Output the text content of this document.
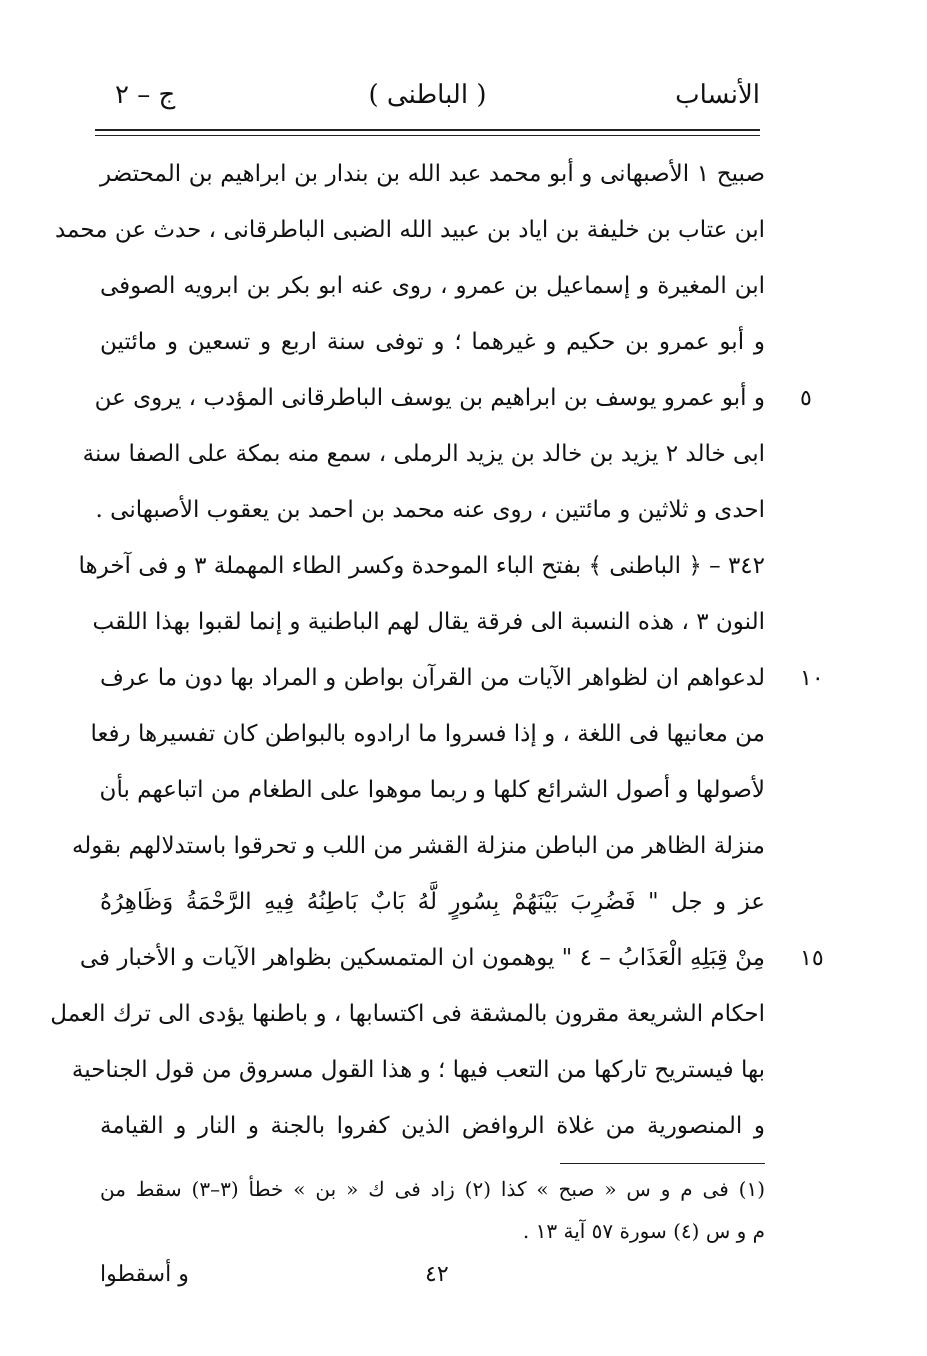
الأنساب
( الباطنى )
ج – ٢
صبيح ١ الأصبهانى و أبو محمد عبد الله بن بندار بن ابراهيم بن المحتضر
ابن عتاب بن خليفة بن اياد بن عبيد الله الضبى الباطرقانى ، حدث عن محمد
ابن المغيرة و إسماعيل بن عمرو ، روى عنه ابو بكر بن ابرويه الصوفى
و أبو عمرو بن حكيم و غيرهما ؛ و توفى سنة اربع و تسعين و مائتين
و أبو عمرو يوسف بن ابراهيم بن يوسف الباطرقانى المؤدب ، يروى عن
ابى خالد ٢ يزيد بن خالد بن يزيد الرملى ، سمع منه بمكة على الصفا سنة
احدى و ثلاثين و مائتين ، روى عنه محمد بن احمد بن يعقوب الأصبهانى .
٣٤٢ – ﴿ الباطنى ﴾ بفتح الباء الموحدة وكسر الطاء المهملة ٣ و فى آخرها
النون ٣ ، هذه النسبة الى فرقة يقال لهم الباطنية و إنما لقبوا بهذا اللقب
لدعواهم ان لظواهر الآيات من القرآن بواطن و المراد بها دون ما عرف
من معانيها فى اللغة ، و إذا فسروا ما ارادوه بالبواطن كان تفسيرها رفعا
لأصولها و أصول الشرائع كلها و ربما موهوا على الطغام من اتباعهم بأن
منزلة الظاهر من الباطن منزلة القشر من اللب و تحرقوا باستدلالهم بقوله
عز و جل " فَضُرِبَ بَيْنَهُمْ بِسُورٍ لَّهُ بَابٌ بَاطِنُهُ فِيهِ الرَّحْمَةُ وَظَاهِرُهُ
مِنْ قِبَلِهِ الْعَذَابُ – ٤ " يوهمون ان المتمسكين بظواهر الآيات و الأخبار فى
احكام الشريعة مقرون بالمشقة فى اكتسابها ، و باطنها يؤدى الى ترك العمل
بها فيستريح تاركها من التعب فيها ؛ و هذا القول مسروق من قول الجناحية
و المنصورية من غلاة الروافض الذين كفروا بالجنة و النار و القيامة
٥
١٠
١٥
(١) فى م و س « صبح » كذا (٢) زاد فى ك « بن » خطأ (٣–٣) سقط من
م و س (٤) سورة ٥٧ آية ١٣ .
و أسقطوا	٤٢
